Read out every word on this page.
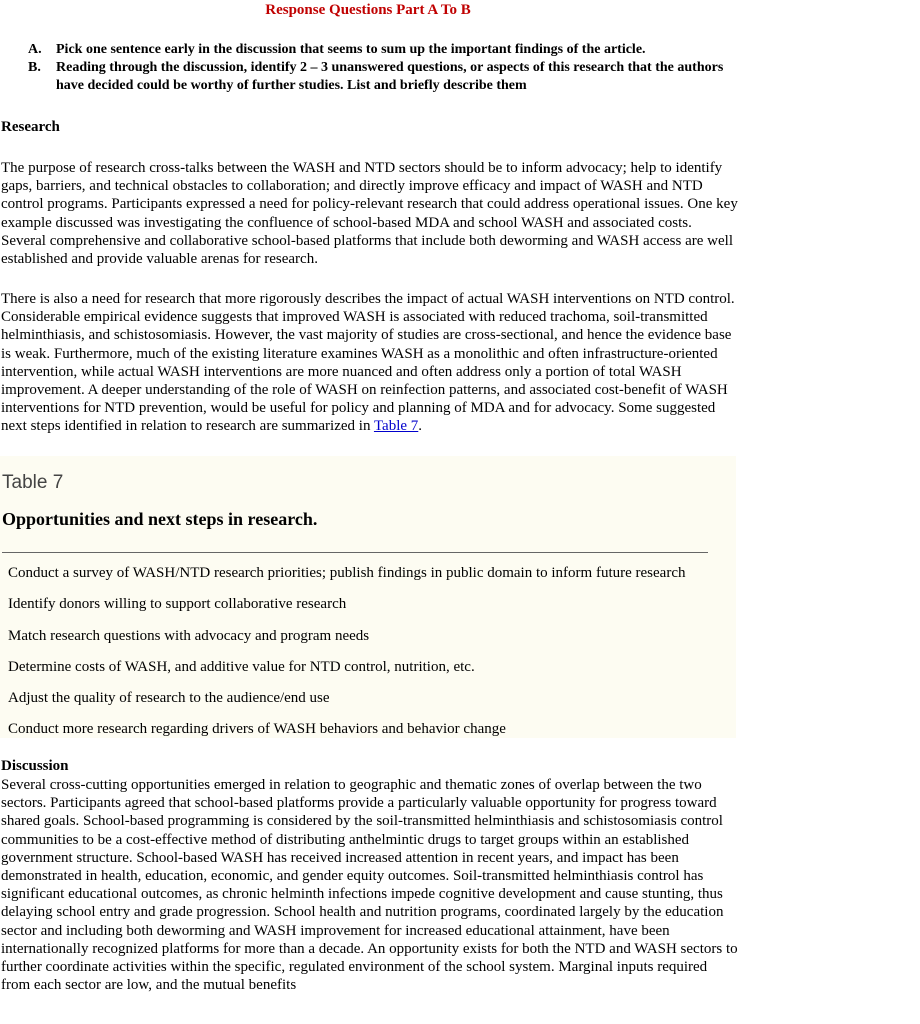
Response Questions Part A To B
A.	Pick one sentence early in the discussion that seems to sum up the important findings of the article.
B.	Reading through the discussion, identify 2 – 3 unanswered questions, or aspects of this research that the authors have decided could be worthy of further studies. List and briefly describe them
Research

The purpose of research cross-talks between the WASH and NTD sectors should be to inform advocacy; help to identify gaps, barriers, and technical obstacles to collaboration; and directly improve efficacy and impact of WASH and NTD control programs. Participants expressed a need for policy-relevant research that could address operational issues. One key example discussed was investigating the confluence of school-based MDA and school WASH and associated costs. Several comprehensive and collaborative school-based platforms that include both deworming and WASH access are well established and provide valuable arenas for research.

There is also a need for research that more rigorously describes the impact of actual WASH interventions on NTD control. Considerable empirical evidence suggests that improved WASH is associated with reduced trachoma, soil-transmitted helminthiasis, and schistosomiasis. However, the vast majority of studies are cross-sectional, and hence the evidence base is weak. Furthermore, much of the existing literature examines WASH as a monolithic and often infrastructure-oriented intervention, while actual WASH interventions are more nuanced and often address only a portion of total WASH improvement. A deeper understanding of the role of WASH on reinfection patterns, and associated cost-benefit of WASH interventions for NTD prevention, would be useful for policy and planning of MDA and for advocacy. Some suggested next steps identified in relation to research are summarized in Table 7.

Table 7
Opportunities and next steps in research.
Conduct a survey of WASH/NTD research priorities; publish findings in public domain to inform future research
Identify donors willing to support collaborative research
Match research questions with advocacy and program needs
Determine costs of WASH, and additive value for NTD control, nutrition, etc.
Adjust the quality of research to the audience/end use
Conduct more research regarding drivers of WASH behaviors and behavior change
Discussion

Several cross-cutting opportunities emerged in relation to geographic and thematic zones of overlap between the two sectors. Participants agreed that school-based platforms provide a particularly valuable opportunity for progress toward shared goals. School-based programming is considered by the soil-transmitted helminthiasis and schistosomiasis control communities to be a cost-effective method of distributing anthelmintic drugs to target groups within an established government structure. School-based WASH has received increased attention in recent years, and impact has been demonstrated in health, education, economic, and gender equity outcomes. Soil-transmitted helminthiasis control has significant educational outcomes, as chronic helminth infections impede cognitive development and cause stunting, thus delaying school entry and grade progression. School health and nutrition programs, coordinated largely by the education sector and including both deworming and WASH improvement for increased educational attainment, have been internationally recognized platforms for more than a decade. An opportunity exists for both the NTD and WASH sectors to further coordinate activities within the specific, regulated environment of the school system. Marginal inputs required from each sector are low, and the mutual benefits
